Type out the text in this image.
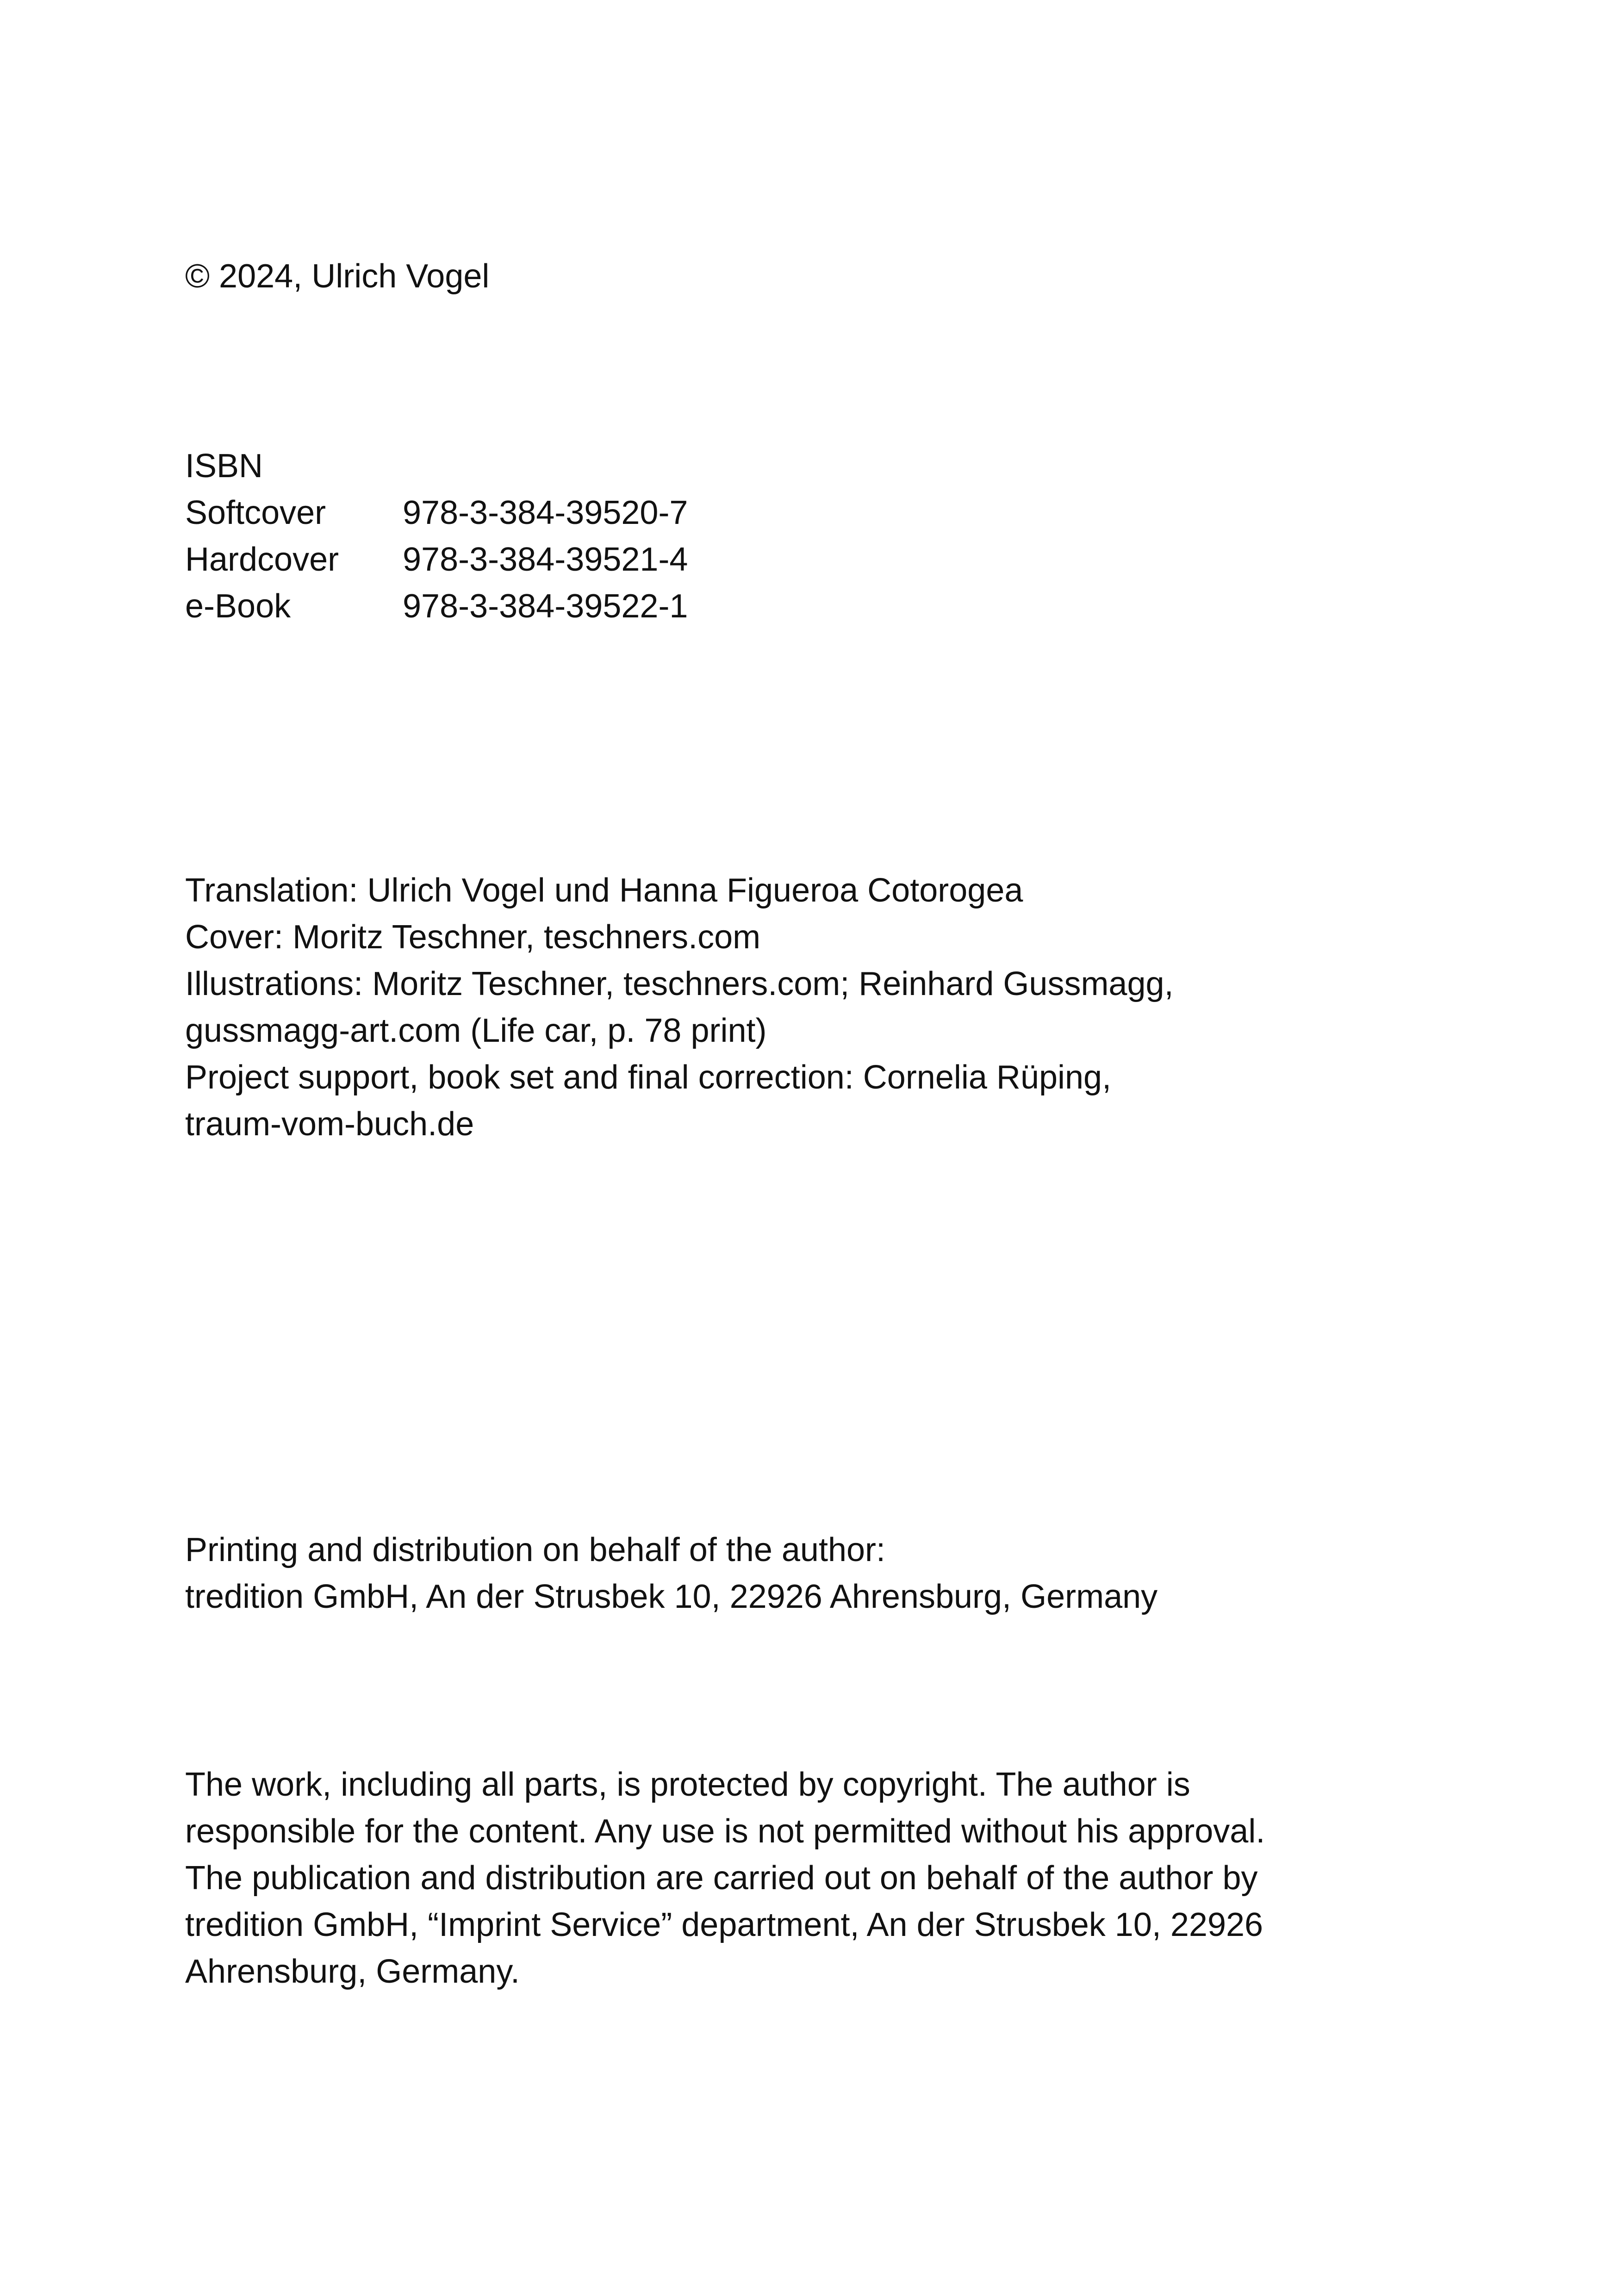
© 2024, Ulrich Vogel
ISBN
Softcover	978-3-384-39520-7
Hardcover	978-3-384-39521-4
e-Book	978-3-384-39522-1
Translation: Ulrich Vogel und Hanna Figueroa Cotorogea
Cover: Moritz Teschner, teschners.com
Illustrations: Moritz Teschner, teschners.com; Reinhard Gussmagg,
gussmagg-art.com (Life car, p. 78 print)
Project support, book set and final correction: Cornelia Rüping,
traum-vom-buch.de
Printing and distribution on behalf of the author:
tredition GmbH, An der Strusbek 10, 22926 Ahrensburg, Germany
The work, including all parts, is protected by copyright. The author is
responsible for the content. Any use is not permitted without his approval.
The publication and distribution are carried out on behalf of the author by
tredition GmbH, “Imprint Service” department, An der Strusbek 10, 22926
Ahrensburg, Germany.
